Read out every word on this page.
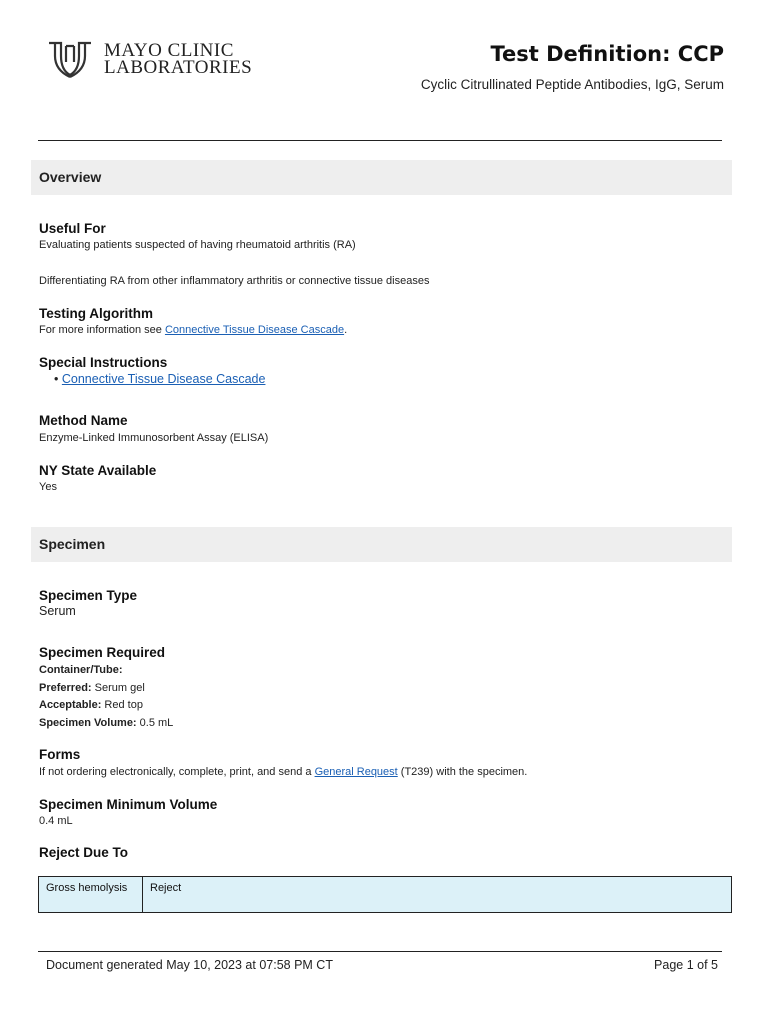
MAYO CLINIC
LABORATORIES
Test Definition: CCP
Cyclic Citrullinated Peptide Antibodies, IgG, Serum
Overview
Useful For
Evaluating patients suspected of having rheumatoid arthritis (RA)
Differentiating RA from other inflammatory arthritis or connective tissue diseases
Testing Algorithm
For more information see Connective Tissue Disease Cascade.
Special Instructions
• Connective Tissue Disease Cascade
Method Name
Enzyme-Linked Immunosorbent Assay (ELISA)
NY State Available
Yes
Specimen
Specimen Type
Serum
Specimen Required
Container/Tube:
Preferred: Serum gel
Acceptable: Red top
Specimen Volume: 0.5 mL
Forms
If not ordering electronically, complete, print, and send a General Request (T239) with the specimen.
Specimen Minimum Volume
0.4 mL
Reject Due To
Gross hemolysis	Reject
Document generated May 10, 2023 at 07:58 PM CT	Page 1 of 5
